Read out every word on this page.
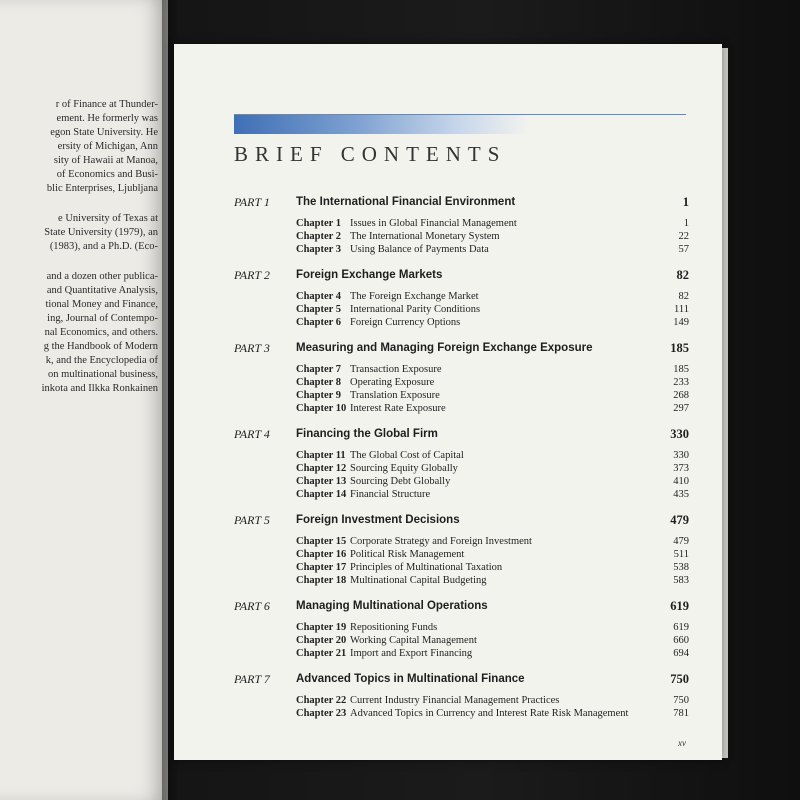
r of Finance at Thunder-
ement. He formerly was
egon State University. He
ersity of Michigan, Ann
sity of Hawaii at Manoa,
of Economics and Busi-
blic Enterprises, Ljubljana
e University of Texas at
State University (1979), an
(1983), and a Ph.D. (Eco-
and a dozen other publica-
and Quantitative Analysis,
tional Money and Finance,
ing, Journal of Contempo-
nal Economics, and others.
g the Handbook of Modern
k, and the Encyclopedia of
on multinational business,
inkota and Ilkka Ronkainen
BRIEF CONTENTS
PART 1 The International Financial Environment	1
Chapter 1 Issues in Global Financial Management	1
Chapter 2 The International Monetary System	22
Chapter 3 Using Balance of Payments Data	57
PART 2 Foreign Exchange Markets	82
Chapter 4 The Foreign Exchange Market	82
Chapter 5 International Parity Conditions	111
Chapter 6 Foreign Currency Options	149
PART 3 Measuring and Managing Foreign Exchange Exposure	185
Chapter 7 Transaction Exposure	185
Chapter 8 Operating Exposure	233
Chapter 9 Translation Exposure	268
Chapter 10 Interest Rate Exposure	297
PART 4 Financing the Global Firm	330
Chapter 11 The Global Cost of Capital	330
Chapter 12 Sourcing Equity Globally	373
Chapter 13 Sourcing Debt Globally	410
Chapter 14 Financial Structure	435
PART 5 Foreign Investment Decisions	479
Chapter 15 Corporate Strategy and Foreign Investment	479
Chapter 16 Political Risk Management	511
Chapter 17 Principles of Multinational Taxation	538
Chapter 18 Multinational Capital Budgeting	583
PART 6 Managing Multinational Operations	619
Chapter 19 Repositioning Funds	619
Chapter 20 Working Capital Management	660
Chapter 21 Import and Export Financing	694
PART 7 Advanced Topics in Multinational Finance	750
Chapter 22 Current Industry Financial Management Practices	750
Chapter 23 Advanced Topics in Currency and Interest Rate Risk Management	781
xv
